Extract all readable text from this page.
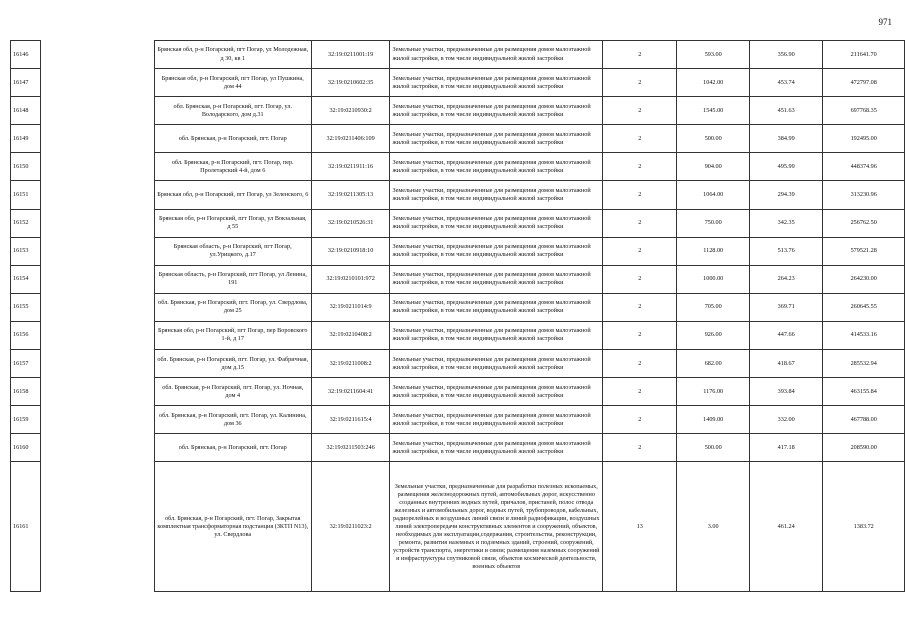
971
16146		Брянская обл, р-н Погарский, пгт Погар, ул Молодежная, д 30, кв 1	32:19:0211001:19	Земельные участки, предназначенные для размещения домов малоэтажной жилой застройки, в том числе индивидуальной жилой застройки	2	593.00	356.90	211641.70
16147		Брянская обл, р-н Погарский, пгт Погар, ул Пушкина, дом 44	32:19:0210602:35	Земельные участки, предназначенные для размещения домов малоэтажной жилой застройки, в том числе индивидуальной жилой застройки	2	1042.00	453.74	472797.08
16148		обл. Брянская, р-н Погарский, пгт. Погар, ул. Володарского, дом д.31	32:19:0210930:2	Земельные участки, предназначенные для размещения домов малоэтажной жилой застройки, в том числе индивидуальной жилой застройки	2	1545.00	451.63	697768.35
16149		обл. Брянская, р-н Погарский, пгт. Погар	32:19:0211406:109	Земельные участки, предназначенные для размещения домов малоэтажной жилой застройки, в том числе индивидуальной жилой застройки	2	500.00	384.99	192495.00
16150		обл. Брянская, р-н Погарский, пгт. Погар, пер. Пролетарский 4-й, дом 6	32:19:0211911:16	Земельные участки, предназначенные для размещения домов малоэтажной жилой застройки, в том числе индивидуальной жилой застройки	2	904.00	495.99	448374.96
16151		Брянская обл, р-н Погарский, пгт Погар, ул Зеленского, 6	32:19:0211305:13	Земельные участки, предназначенные для размещения домов малоэтажной жилой застройки, в том числе индивидуальной жилой застройки	2	1064.00	294.39	313230.96
16152		Брянская обл, р-н Погарский, пгт Погар, ул Вокзальная, д 55	32:19:0210526:31	Земельные участки, предназначенные для размещения домов малоэтажной жилой застройки, в том числе индивидуальной жилой застройки	2	750.00	342.35	256762.50
16153		Брянская область, р-н Погарский, пгт Погар, ул.Урицкого, д.17	32:19:0210918:10	Земельные участки, предназначенные для размещения домов малоэтажной жилой застройки, в том числе индивидуальной жилой застройки	2	1128.00	513.76	579521.28
16154		Брянская область, р-н Погарский, пгт Погар, ул Ленина, 191	32:19:0210101:972	Земельные участки, предназначенные для размещения домов малоэтажной жилой застройки, в том числе индивидуальной жилой застройки	2	1000.00	264.23	264230.00
16155		обл. Брянская, р-н Погарский, пгт. Погар, ул. Свердлова, дом 25	32:19:0211014:9	Земельные участки, предназначенные для размещения домов малоэтажной жилой застройки, в том числе индивидуальной жилой застройки	2	705.00	369.71	260645.55
16156		Брянская обл, р-н Погарский, пгт Погар, пер Воровского 1-й, д 17	32:19:0210408:2	Земельные участки, предназначенные для размещения домов малоэтажной жилой застройки, в том числе индивидуальной жилой застройки	2	926.00	447.66	414533.16
16157		обл. Брянская, р-н Погарский, пгт. Погар, ул. Фабричная, дом д.15	32:19:0211008:2	Земельные участки, предназначенные для размещения домов малоэтажной жилой застройки, в том числе индивидуальной жилой застройки	2	682.00	418.67	285532.94
16158		обл. Брянская, р-н Погарский, пгт. Погар, ул. Ночная, дом 4	32:19:0211604:41	Земельные участки, предназначенные для размещения домов малоэтажной жилой застройки, в том числе индивидуальной жилой застройки	2	1176.00	393.84	463155.84
16159		обл. Брянская, р-н Погарский, пгт. Погар, ул. Калинина, дом 36	32:19:0211615:4	Земельные участки, предназначенные для размещения домов малоэтажной жилой застройки, в том числе индивидуальной жилой застройки	2	1409.00	332.00	467788.00
16160		обл. Брянская, р-н Погарский, пгт. Погар	32:19:0211503:246	Земельные участки, предназначенные для размещения домов малоэтажной жилой застройки, в том числе индивидуальной жилой застройки	2	500.00	417.18	208590.00
16161		обл. Брянская, р-н Погарский, пгт. Погар, Закрытая комплектная трансформаторная подстанция (ЗКТП N13), ул. Свердлова	32:19:0211023:2	Земельные участки, предназначенные для разработки полезных ископаемых, размещения железнодорожных путей, автомобильных дорог, искусственно созданных внутренних водных путей, причалов, пристаней, полос отвода железных и автомобильных дорог, водных путей, трубопроводов, кабельных, радиорелейных и воздушных линий связи и линий радиофикации, воздушных линий электропередачи конструктивных элементов и сооружений, объектов, необходимых для эксплуатации,содержания, строительства, реконструкции, ремонта, развития наземных и подземных зданий, строений, сооружений, устройств транспорта, энергетики и связи; размещения наземных сооружений и инфраструктуры спутниковой связи, объектов космической деятельности, военных объектов	13	3.00	461.24	1383.72
